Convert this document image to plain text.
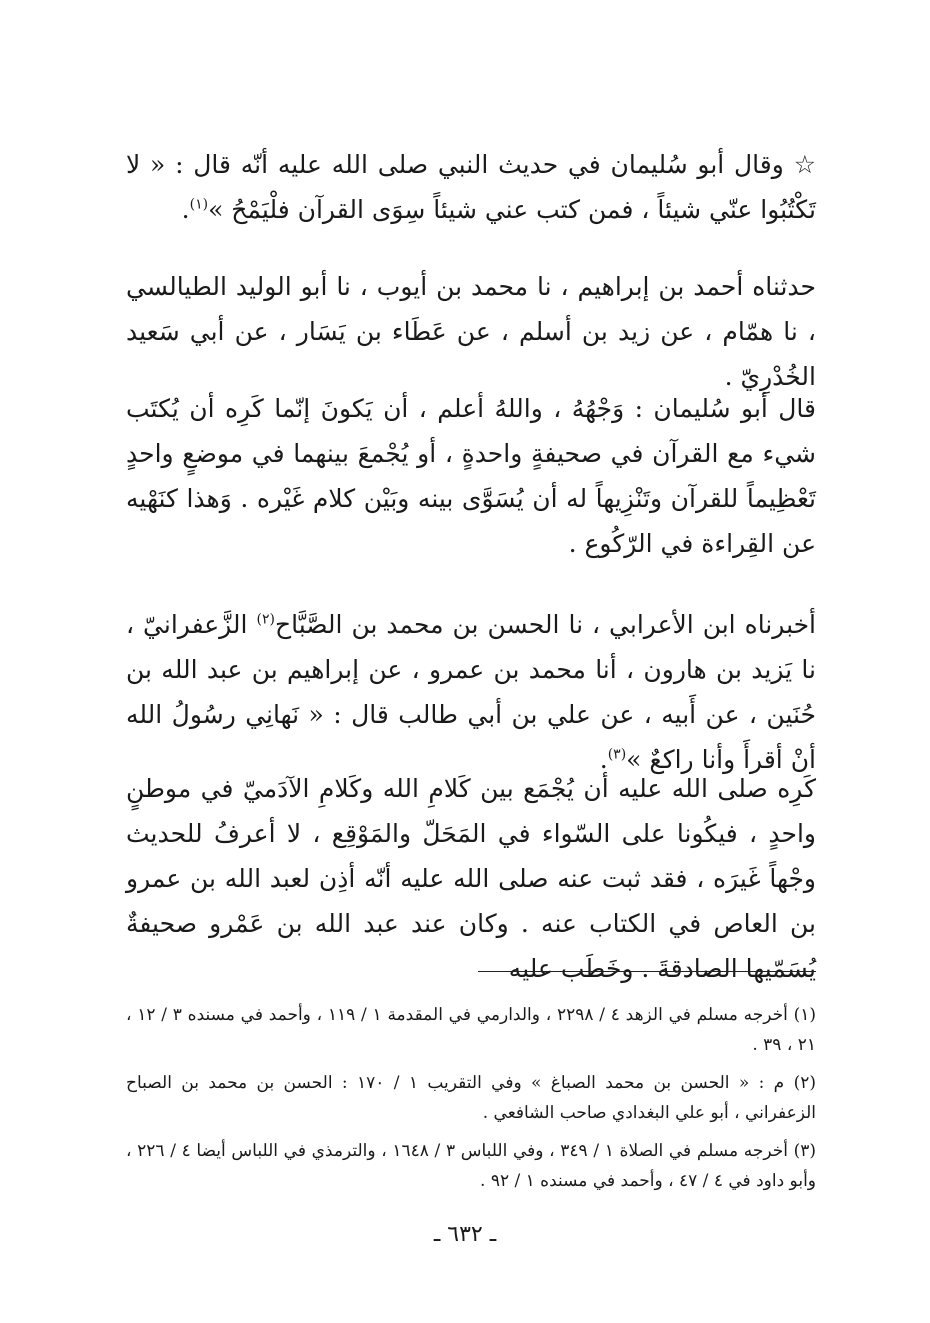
☆ وقال أبو سُليمان في حديث النبي صلى الله عليه أنّه قال : « لا تَكْتُبُوا عنّي شيئاً ، فمن كتب عني شيئاً سِوَى القرآن فلْيَمْحُ »$^{(١)}$.

حدثناه أحمد بن إبراهيم ، نا محمد بن أيوب ، نا أبو الوليد الطيالسي ، نا همّام ، عن زيد بن أسلم ، عن عَطَاء بن يَسَار ، عن أبي سَعيد الخُدْرِيّ .

قال أبو سُليمان : وَجْهُهُ ، واللهُ أعلم ، أن يَكونَ إنّما كَرِه أن يُكتَب شيء مع القرآن في صحيفةٍ واحدةٍ ، أو يُجْمعَ بينهما في موضعٍ واحدٍ تَعْظِيماً للقرآن وتَنْزِيهاً له أن يُسَوَّى بينه وبَيْن كلام غَيْره . وَهذا كنَهْيه عن القِراءة في الرّكُوع .

أخبرناه ابن الأعرابي ، نا الحسن بن محمد بن الصَّبَّاح$^{(٢)}$ الزَّعفرانيّ ، نا يَزيد بن هارون ، أنا محمد بن عمرو ، عن إبراهيم بن عبد الله بن حُنَين ، عن أَبيه ، عن علي بن أبي طالب قال : « نَهانِي رسُولُ الله أنْ أقرأَ وأنا راكعٌ »$^{(٣)}$.

كَرِه صلى الله عليه أن يُجْمَع بين كَلامِ الله وكَلامِ الآدَميّ في موطنٍ واحدٍ ، فيكُونا على السّواء في المَحَلّ والمَوْقِع ، لا أعرفُ للحديث وجْهاً غَيرَه ، فقد ثبت عنه صلى الله عليه أنّه أذِن لعبد الله بن عمرو بن العاص في الكتاب عنه . وكان عند عبد الله بن عَمْرو صحيفةٌ يُسَمّيها الصادقةَ . وخَطَب عليه

(١) أخرجه مسلم في الزهد ٤ / ٢٢٩٨ ، والدارمي في المقدمة ١ / ١١٩ ، وأحمد في مسنده ٣ / ١٢ ، ٢١ ، ٣٩ .
(٢) م : « الحسن بن محمد الصباغ » وفي التقريب ١ / ١٧٠ : الحسن بن محمد بن الصباح الزعفراني ، أبو علي البغدادي صاحب الشافعي .
(٣) أخرجه مسلم في الصلاة ١ / ٣٤٩ ، وفي اللباس ٣ / ١٦٤٨ ، والترمذي في اللباس أيضا ٤ / ٢٢٦ ، وأبو داود في ٤ / ٤٧ ، وأحمد في مسنده ١ / ٩٢ .
ـ ٦٣٢ ـ
